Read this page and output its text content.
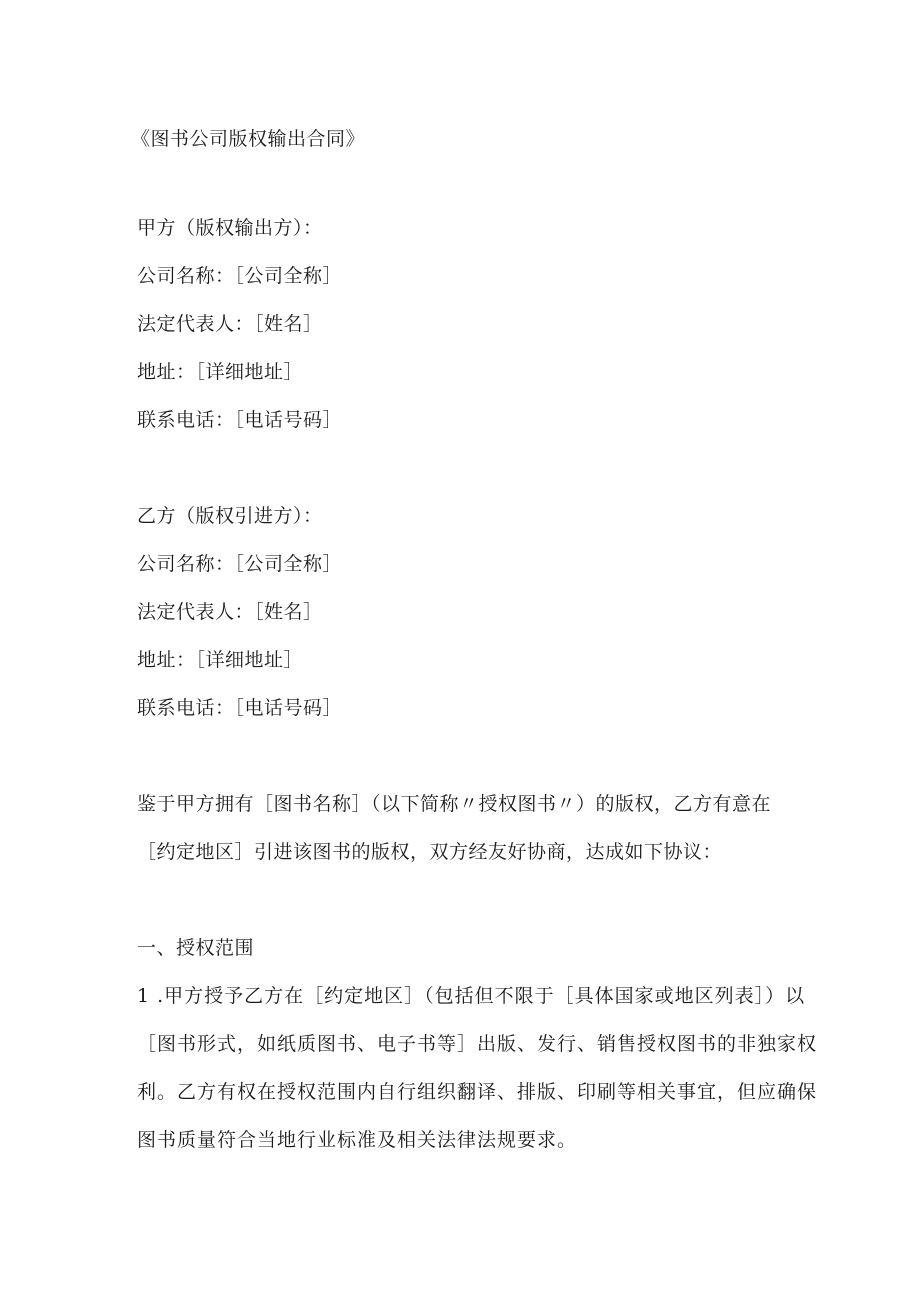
《图书公司版权输出合同》
甲方（版权输出方）：
公司名称：［公司全称］
法定代表人：［姓名］
地址：［详细地址］
联系电话：［电话号码］
乙方（版权引进方）：
公司名称：［公司全称］
法定代表人：［姓名］
地址：［详细地址］
联系电话：［电话号码］
鉴于甲方拥有［图书名称］（以下简称〃授权图书〃）的版权，乙方有意在
［约定地区］引进该图书的版权，双方经友好协商，达成如下协议：
一、授权范围
1 .甲方授予乙方在［约定地区］（包括但不限于［具体国家或地区列表］）以
［图书形式，如纸质图书、电子书等］出版、发行、销售授权图书的非独家权
利。乙方有权在授权范围内自行组织翻译、排版、印刷等相关事宜，但应确保
图书质量符合当地行业标准及相关法律法规要求。
